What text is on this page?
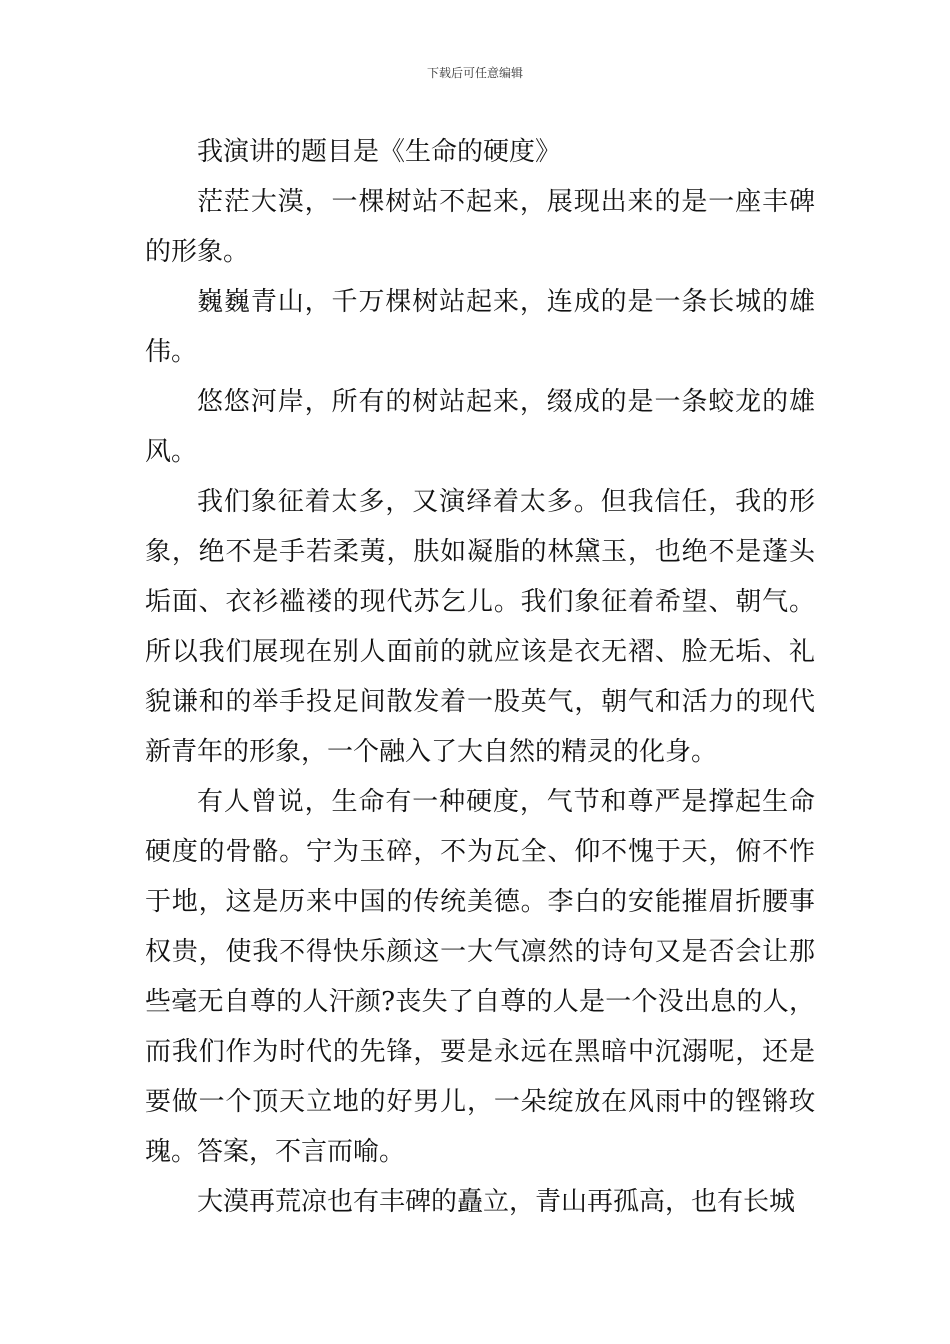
下载后可任意编辑

我演讲的题目是《生命的硬度》

茫茫大漠，一棵树站不起来，展现出来的是一座丰碑的形象。

巍巍青山，千万棵树站起来，连成的是一条长城的雄伟。

悠悠河岸，所有的树站起来，缀成的是一条蛟龙的雄风。

我们象征着太多，又演绎着太多。但我信任，我的形象，绝不是手若柔荑，肤如凝脂的林黛玉，也绝不是蓬头垢面、衣衫褴褛的现代苏乞儿。我们象征着希望、朝气。所以我们展现在别人面前的就应该是衣无褶、脸无垢、礼貌谦和的举手投足间散发着一股英气，朝气和活力的现代新青年的形象，一个融入了大自然的精灵的化身。

有人曾说，生命有一种硬度，气节和尊严是撑起生命硬度的骨骼。宁为玉碎，不为瓦全、仰不愧于天，俯不怍于地，这是历来中国的传统美德。李白的安能摧眉折腰事权贵，使我不得快乐颜这一大气凛然的诗句又是否会让那些毫无自尊的人汗颜?丧失了自尊的人是一个没出息的人，而我们作为时代的先锋，要是永远在黑暗中沉溺呢，还是要做一个顶天立地的好男儿，一朵绽放在风雨中的铿锵玫瑰。答案，不言而喻。

大漠再荒凉也有丰碑的矗立，青山再孤高，也有长城
